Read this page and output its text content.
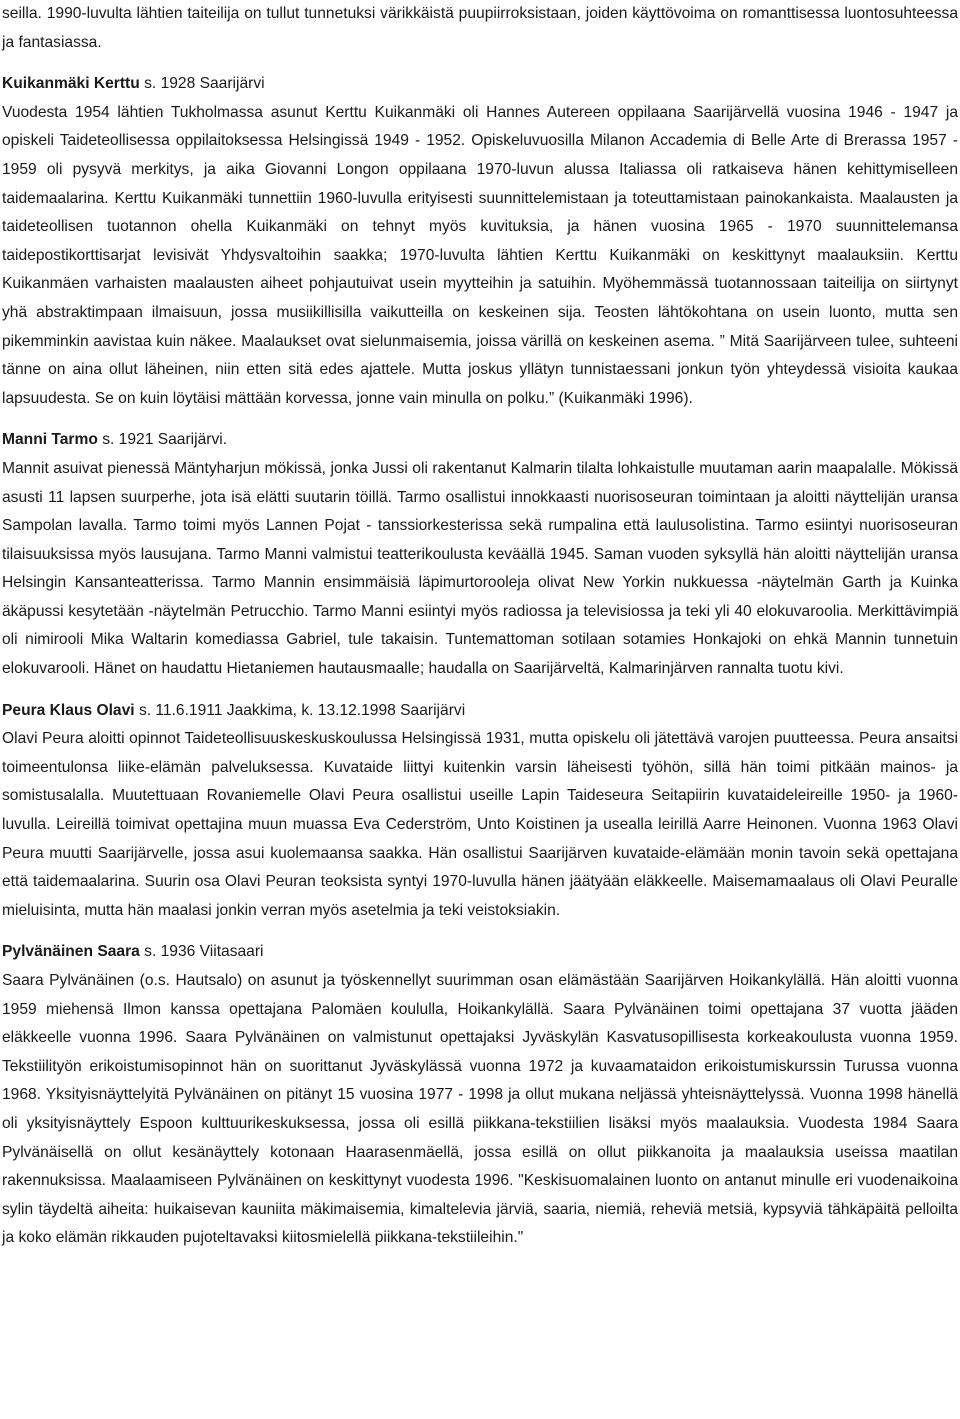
seilla. 1990-luvulta lähtien taiteilija on tullut tunnetuksi värikkäistä puupiirroksistaan, joiden käyttövoima on romanttisessa luontosuhteessa ja fantasiassa.

Kuikanmäki Kerttu s. 1928 Saarijärvi

Vuodesta 1954 lähtien Tukholmassa asunut Kerttu Kuikanmäki oli Hannes Autereen oppilaana Saarijärvellä vuosina 1946 - 1947 ja opiskeli Taideteollisessa oppilaitoksessa Helsingissä 1949 - 1952. Opiskeluvuosilla Milanon Accademia di Belle Arte di Brerassa 1957 - 1959 oli pysyvä merkitys, ja aika Giovanni Longon oppilaana 1970-luvun alussa Italiassa oli ratkaiseva hänen kehittymiselleen taidemaalarina. Kerttu Kuikanmäki tunnettiin 1960-luvulla erityisesti suunnittelemistaan ja toteuttamistaan painokankaista. Maalausten ja taideteollisen tuotannon ohella Kuikanmäki on tehnyt myös kuvituksia, ja hänen vuosina 1965 - 1970 suunnittelemansa taidepostikorttisarjat levisivät Yhdysvaltoihin saakka; 1970-luvulta lähtien Kerttu Kuikanmäki on keskittynyt maalauksiin. Kerttu Kuikanmäen varhaisten maalausten aiheet pohjautuivat usein myytteihin ja satuihin. Myöhemmässä tuotannossaan taiteilija on siirtynyt yhä abstraktimpaan ilmaisuun, jossa musiikillisilla vaikutteilla on keskeinen sija. Teosten lähtökohtana on usein luonto, mutta sen pikemminkin aavistaa kuin näkee. Maalaukset ovat sielunmaisemia, joissa värillä on keskeinen asema. ” Mitä Saarijärveen tulee, suhteeni tänne on aina ollut läheinen, niin etten sitä edes ajattele. Mutta joskus yllätyn tunnistaessani jonkun työn yhteydessä visioita kaukaa lapsuudesta. Se on kuin löytäisi mättään korvessa, jonne vain minulla on polku.” (Kuikanmäki 1996).

Manni Tarmo s. 1921 Saarijärvi.

Mannit asuivat pienessä Mäntyharjun mökissä, jonka Jussi oli rakentanut Kalmarin tilalta lohkaistulle muutaman aarin maapalalle. Mökissä asusti 11 lapsen suurperhe, jota isä elätti suutarin töillä. Tarmo osallistui innokkaasti nuorisoseuran toimintaan ja aloitti näyttelijän uransa Sampolan lavalla. Tarmo toimi myös Lannen Pojat - tanssiorkesterissa sekä rumpalina että laulusolistina. Tarmo esiintyi nuorisoseuran tilaisuuksissa myös lausujana. Tarmo Manni valmistui teatterikoulusta keväällä 1945. Saman vuoden syksyllä hän aloitti näyttelijän uransa Helsingin Kansanteatterissa. Tarmo Mannin ensimmäisiä läpimurtorooleja olivat New Yorkin nukkuessa -näytelmän Garth ja Kuinka äkäpussi kesytetään -näytelmän Petrucchio. Tarmo Manni esiintyi myös radiossa ja televisiossa ja teki yli 40 elokuvaroolia. Merkittävimpiä oli nimirooli Mika Waltarin komediassa Gabriel, tule takaisin. Tuntemattoman sotilaan sotamies Honkajoki on ehkä Mannin tunnetuin elokuvarooli. Hänet on haudattu Hietaniemen hautausmaalle; haudalla on Saarijärveltä, Kalmarinjärven rannalta tuotu kivi.

Peura Klaus Olavi s. 11.6.1911 Jaakkima, k. 13.12.1998 Saarijärvi

Olavi Peura aloitti opinnot Taideteollisuuskeskuskoulussa Helsingissä 1931, mutta opiskelu oli jätettävä varojen puutteessa. Peura ansaitsi toimeentulonsa liike-elämän palveluksessa. Kuvataide liittyi kuitenkin varsin läheisesti työhön, sillä hän toimi pitkään mainos- ja somistusalalla. Muutettuaan Rovaniemelle Olavi Peura osallistui useille Lapin Taideseura Seitapiirin kuvataideleireille 1950- ja 1960-luvulla. Leireillä toimivat opettajina muun muassa Eva Cederström, Unto Koistinen ja usealla leirillä Aarre Heinonen. Vuonna 1963 Olavi Peura muutti Saarijärvelle, jossa asui kuolemaansa saakka. Hän osallistui Saarijärven kuvataide-elämään monin tavoin sekä opettajana että taidemaalarina. Suurin osa Olavi Peuran teoksista syntyi 1970-luvulla hänen jäätyään eläkkeelle. Maisemamaalaus oli Olavi Peuralle mieluisinta, mutta hän maalasi jonkin verran myös asetelmia ja teki veistoksiakin.

Pylvänäinen Saara s. 1936 Viitasaari

Saara Pylvänäinen (o.s. Hautsalo) on asunut ja työskennellyt suurimman osan elämästään Saarijärven Hoikankylällä. Hän aloitti vuonna 1959 miehensä Ilmon kanssa opettajana Palomäen koululla, Hoikankylällä. Saara Pylvänäinen toimi opettajana 37 vuotta jääden eläkkeelle vuonna 1996. Saara Pylvänäinen on valmistunut opettajaksi Jyväskylän Kasvatusopillisesta korkeakoulusta vuonna 1959. Tekstiilityön erikoistumisopinnot hän on suorittanut Jyväskylässä vuonna 1972 ja kuvaamataidon erikoistumiskurssin Turussa vuonna 1968. Yksityisnäyttelyitä Pylvänäinen on pitänyt 15 vuosina 1977 - 1998 ja ollut mukana neljässä yhteisnäyttelyssä. Vuonna 1998 hänellä oli yksityisnäyttely Espoon kulttuurikeskuksessa, jossa oli esillä piikkana-tekstiilien lisäksi myös maalauksia. Vuodesta 1984 Saara Pylvänäisellä on ollut kesänäyttely kotonaan Haarasenmäellä, jossa esillä on ollut piikkanoita ja maalauksia useissa maatilan rakennuksissa. Maalaamiseen Pylvänäinen on keskittynyt vuodesta 1996. "Keskisuomalainen luonto on antanut minulle eri vuodenaikoina sylin täydeltä aiheita: huikaisevan kauniita mäkimaisemia, kimaltelevia järviä, saaria, niemiä, reheviä metsiä, kypsyviä tähkäpäitä pelloilta ja koko elämän rikkauden pujoteltavaksi kiitosmielellä piikkana-tekstiileihin."
